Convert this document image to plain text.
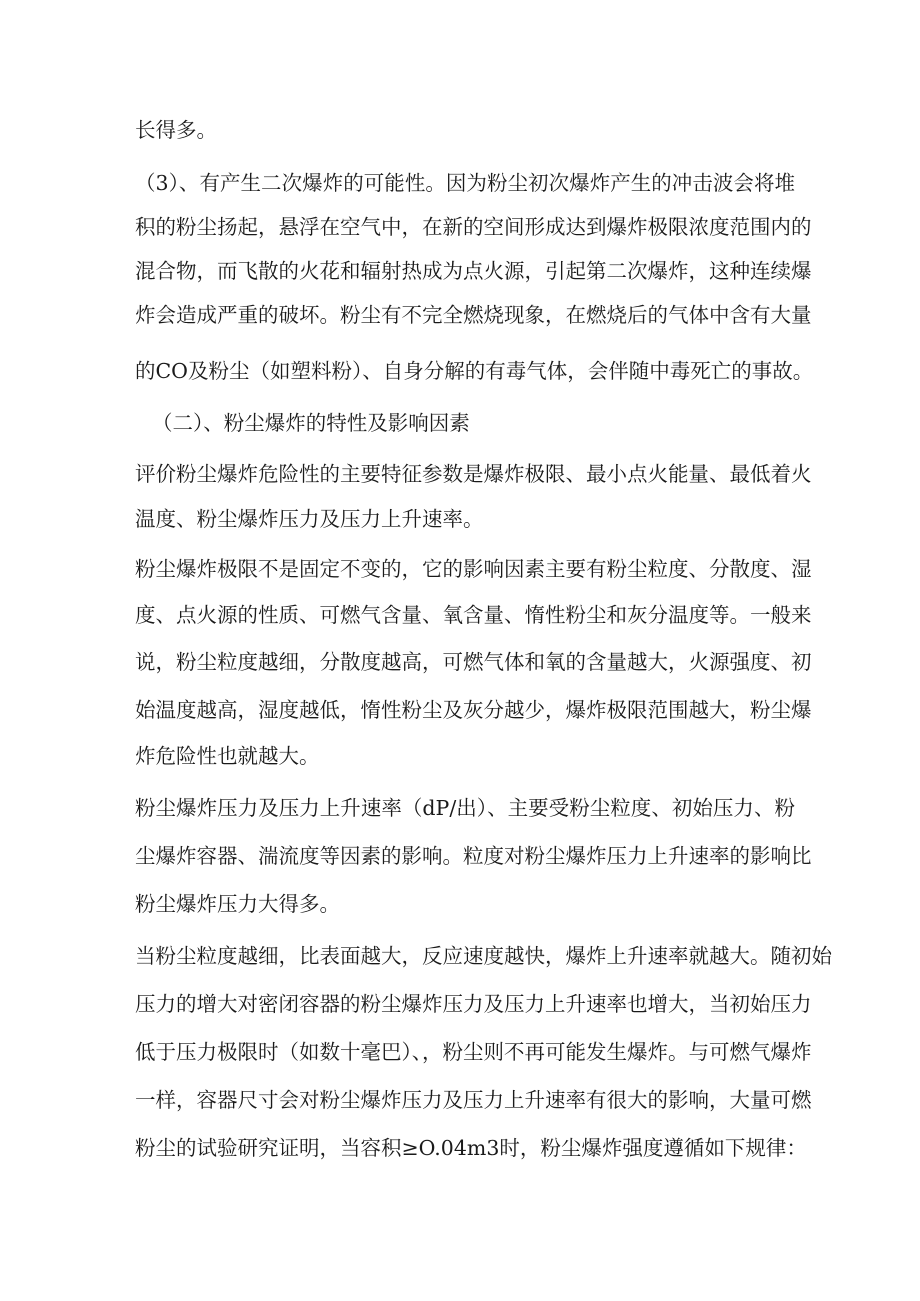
长得多。
（3）、有产生二次爆炸的可能性。因为粉尘初次爆炸产生的冲击波会将堆
积的粉尘扬起，悬浮在空气中，在新的空间形成达到爆炸极限浓度范围内的
混合物，而飞散的火花和辐射热成为点火源，引起第二次爆炸，这种连续爆
炸会造成严重的破坏。粉尘有不完全燃烧现象，在燃烧后的气体中含有大量
的CO及粉尘（如塑料粉）、自身分解的有毒气体，会伴随中毒死亡的事故。
（二）、粉尘爆炸的特性及影响因素
评价粉尘爆炸危险性的主要特征参数是爆炸极限、最小点火能量、最低着火
温度、粉尘爆炸压力及压力上升速率。
粉尘爆炸极限不是固定不变的，它的影响因素主要有粉尘粒度、分散度、湿
度、点火源的性质、可燃气含量、氧含量、惰性粉尘和灰分温度等。一般来
说，粉尘粒度越细，分散度越高，可燃气体和氧的含量越大，火源强度、初
始温度越高，湿度越低，惰性粉尘及灰分越少，爆炸极限范围越大，粉尘爆
炸危险性也就越大。
粉尘爆炸压力及压力上升速率（dP/出）、主要受粉尘粒度、初始压力、粉
尘爆炸容器、湍流度等因素的影响。粒度对粉尘爆炸压力上升速率的影响比
粉尘爆炸压力大得多。
当粉尘粒度越细，比表面越大，反应速度越快，爆炸上升速率就越大。随初始
压力的增大对密闭容器的粉尘爆炸压力及压力上升速率也增大，当初始压力
低于压力极限时（如数十毫巴）、，粉尘则不再可能发生爆炸。与可燃气爆炸
一样，容器尺寸会对粉尘爆炸压力及压力上升速率有很大的影响，大量可燃
粉尘的试验研究证明，当容积≥O.04m3时，粉尘爆炸强度遵循如下规律：
